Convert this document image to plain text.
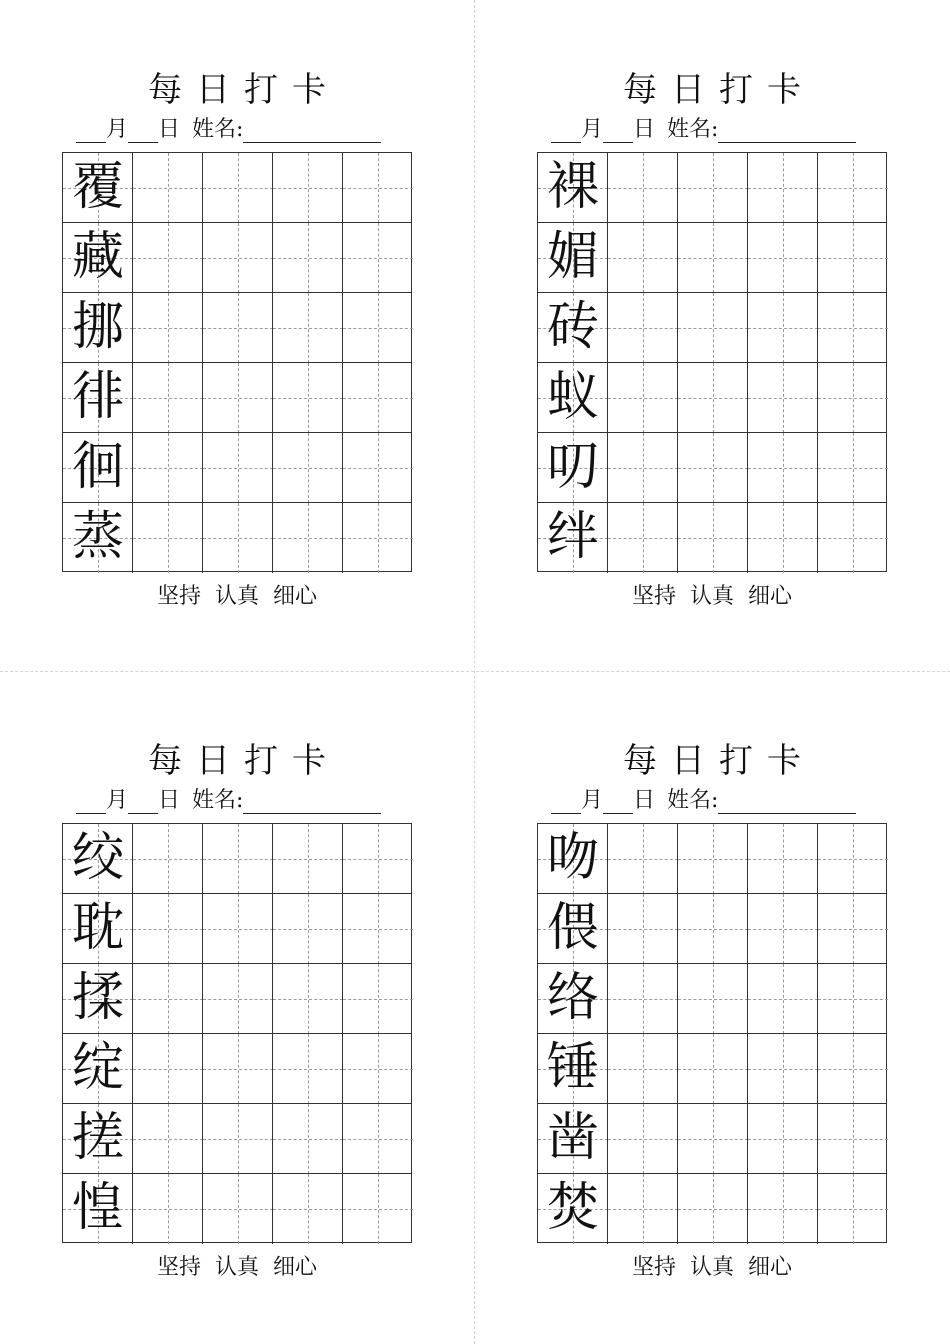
每日打卡
月 日 姓名:
覆
藏
挪
徘
徊
蒸
坚持  认真  细心
每日打卡
月 日 姓名:
裸
媚
砖
蚁
叨
绊
坚持  认真  细心
每日打卡
月 日 姓名:
绞
耽
揉
绽
搓
惶
坚持  认真  细心
每日打卡
月 日 姓名:
吻
偎
络
锤
凿
焚
坚持  认真  细心
